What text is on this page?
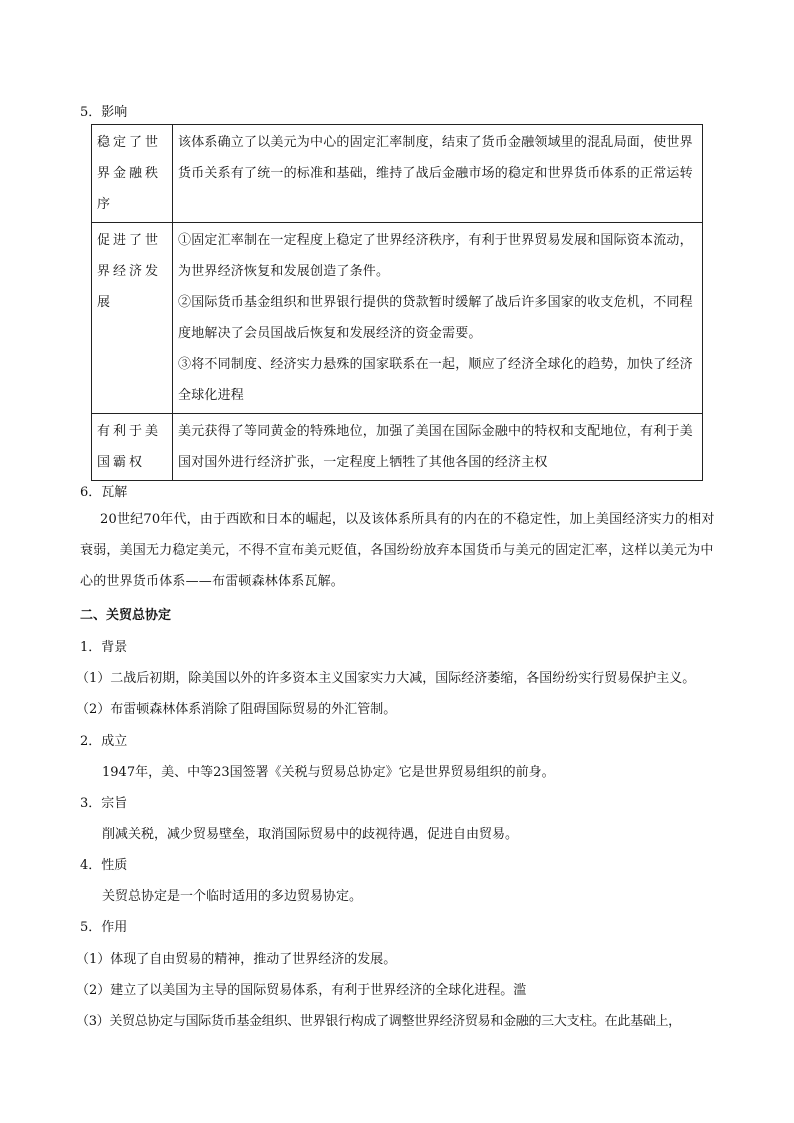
5．影响
稳定了世界金融秩序	该体系确立了以美元为中心的固定汇率制度，结束了货币金融领域里的混乱局面，使世界货币关系有了统一的标准和基础，维持了战后金融市场的稳定和世界货币体系的正常运转

促进了世界经济发展	①固定汇率制在一定程度上稳定了世界经济秩序，有利于世界贸易发展和国际资本流动，为世界经济恢复和发展创造了条件。
②国际货币基金组织和世界银行提供的贷款暂时缓解了战后许多国家的收支危机，不同程度地解决了会员国战后恢复和发展经济的资金需要。
③将不同制度、经济实力悬殊的国家联系在一起，顺应了经济全球化的趋势，加快了经济全球化进程

有利于美国霸权	美元获得了等同黄金的特殊地位，加强了美国在国际金融中的特权和支配地位，有利于美国对国外进行经济扩张，一定程度上牺牲了其他各国的经济主权
6．瓦解
20世纪70年代，由于西欧和日本的崛起，以及该体系所具有的内在的不稳定性，加上美国经济实力的相对衰弱，美国无力稳定美元，不得不宣布美元贬值，各国纷纷放弃本国货币与美元的固定汇率，这样以美元为中心的世界货币体系——布雷顿森林体系瓦解。
二、关贸总协定
1．背景
（1）二战后初期，除美国以外的许多资本主义国家实力大减，国际经济萎缩，各国纷纷实行贸易保护主义。
（2）布雷顿森林体系消除了阻碍国际贸易的外汇管制。
2．成立
1947年，美、中等23国签署《关税与贸易总协定》它是世界贸易组织的前身。
3．宗旨
削减关税，减少贸易壁垒，取消国际贸易中的歧视待遇，促进自由贸易。
4．性质
关贸总协定是一个临时适用的多边贸易协定。
5．作用
（1）体现了自由贸易的精神，推动了世界经济的发展。
（2）建立了以美国为主导的国际贸易体系，有利于世界经济的全球化进程。滥
（3）关贸总协定与国际货币基金组织、世界银行构成了调整世界经济贸易和金融的三大支柱。在此基础上，
